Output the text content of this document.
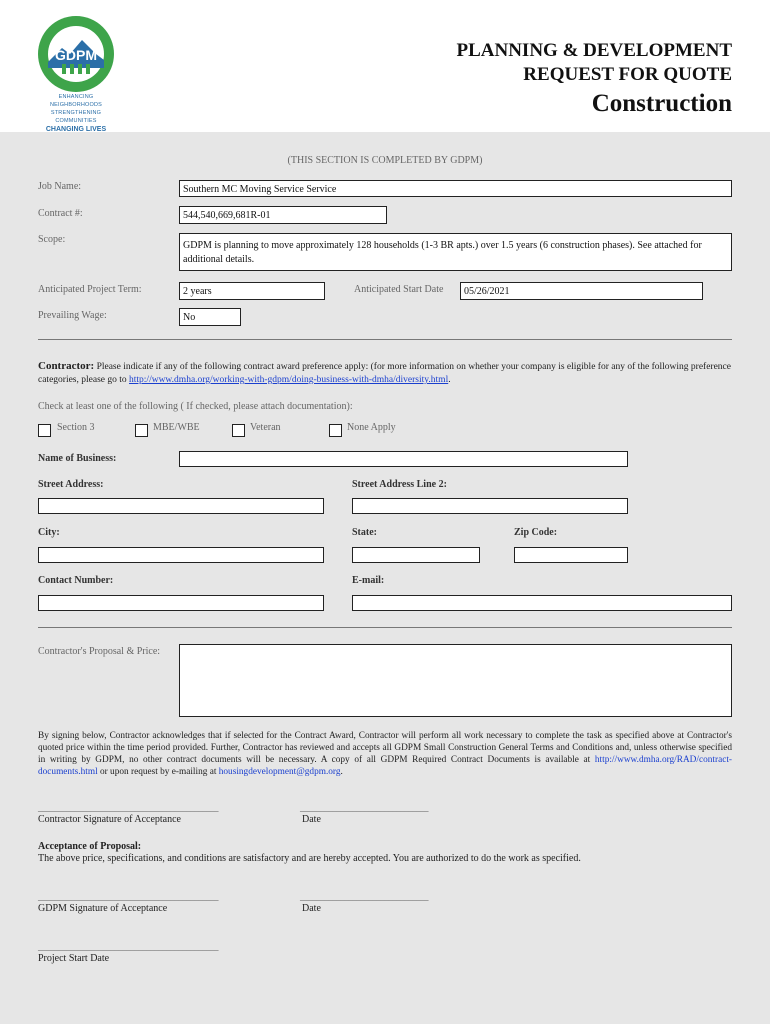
GDPM
ENHANCING NEIGHBORHOODS
STRENGTHENING COMMUNITIES
CHANGING LIVES
PLANNING & DEVELOPMENT
REQUEST FOR QUOTE
Construction
(THIS SECTION IS COMPLETED BY GDPM)
Job Name:	Southern MC Moving Service Service
Contract #:	544,540,669,681R-01
Scope:
GDPM is planning to move approximately 128 households (1-3 BR apts.) over 1.5 years (6 construction phases). See attached for additional details.
Anticipated Project Term:	2 years	Anticipated Start Date	05/26/2021
Prevailing Wage:	No
Contractor: Please indicate if any of the following contract award preference apply: (for more information on whether your company is eligible for any of the following preference categories, please go to http://www.dmha.org/working-with-gdpm/doing-business-with-dmha/diversity.html.
Check at least one of the following ( If checked, please attach documentation):
Section 3	MBE/WBE	Veteran	None Apply
Name of Business:
Street Address:	Street Address Line 2:
City:	State:	Zip Code:
Contact Number:	E-mail:
Contractor's Proposal & Price:
By signing below, Contractor acknowledges that if selected for the Contract Award, Contractor will perform all work necessary to complete the task as specified above at Contractor's quoted price within the time period provided. Further, Contractor has reviewed and accepts all GDPM Small Construction General Terms and Conditions and, unless otherwise specified in writing by GDPM, no other contract documents will be necessary. A copy of all GDPM Required Contract Documents is available at http://www.dmha.org/RAD/contract-documents.html or upon request by e-mailing at housingdevelopment@gdpm.org.
_____________________________________________	________________________________
Contractor Signature of Acceptance	Date
Acceptance of Proposal:
The above price, specifications, and conditions are satisfactory and are hereby accepted. You are authorized to do the work as specified.
_____________________________________________	________________________________
GDPM Signature of Acceptance	Date
_____________________________________________
Project Start Date
